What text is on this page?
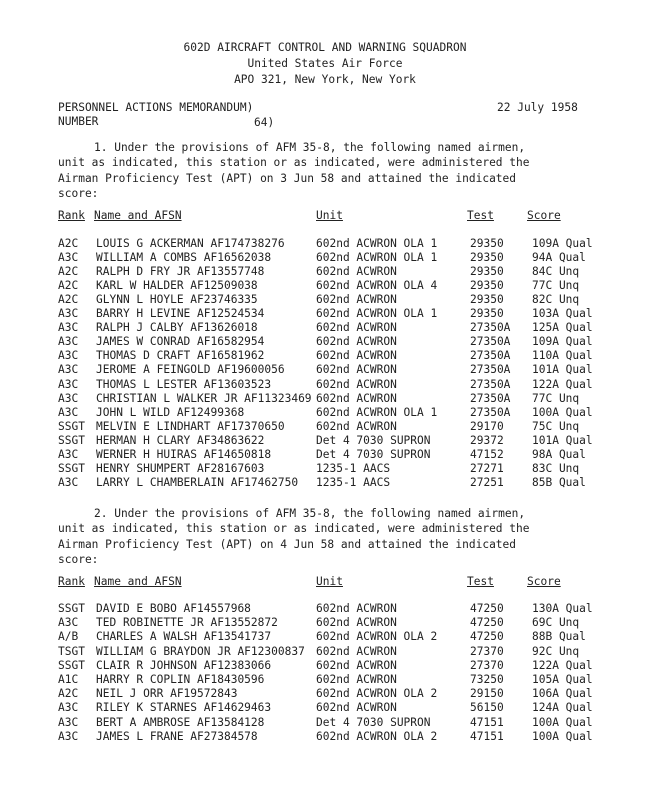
602D AIRCRAFT CONTROL AND WARNING SQUADRON
United States Air Force
APO 321, New York, New York
PERSONNEL ACTIONS MEMORANDUM)
NUMBER	64)
22 July 1958
1. Under the provisions of AFM 35-8, the following named airmen,
unit as indicated, this station or as indicated, were administered the
Airman Proficiency Test (APT) on 3 Jun 58 and attained the indicated
score:
Rank Name and AFSN	Unit	Test	Score
A2C LOUIS G ACKERMAN AF174738276	602nd ACWRON OLA 1	29350	109A Qual
A3C WILLIAM A COMBS AF16562038	602nd ACWRON OLA 1	29350	94A Qual
A2C RALPH D FRY JR AF13557748	602nd ACWRON	29350	84C Unq
A2C KARL W HALDER AF12509038	602nd ACWRON OLA 4	29350	77C Unq
A2C GLYNN L HOYLE AF23746335	602nd ACWRON	29350	82C Unq
A3C BARRY H LEVINE AF12524534	602nd ACWRON OLA 1	29350	103A Qual
A3C RALPH J CALBY AF13626018	602nd ACWRON	27350A 125A Qual
A3C JAMES W CONRAD AF16582954	602nd ACWRON	27350A 109A Qual
A3C THOMAS D CRAFT AF16581962	602nd ACWRON	27350A 110A Qual
A3C JEROME A FEINGOLD AF19600056	602nd ACWRON	27350A 101A Qual
A3C THOMAS L LESTER AF13603523	602nd ACWRON	27350A 122A Qual
A3C CHRISTIAN L WALKER JR AF11323469 602nd ACWRON	27350A 77C Unq
A3C JOHN L WILD AF12499368	602nd ACWRON OLA 1	27350A 100A Qual
SSGT MELVIN E LINDHART AF17370650	602nd ACWRON	29170	75C Unq
SSGT HERMAN H CLARY AF34863622	Det 4 7030 SUPRON	29372	101A Qual
A3C WERNER H HUIRAS AF14650818	Det 4 7030 SUPRON	47152	98A Qual
SSGT HENRY SHUMPERT AF28167603	1235-1 AACS	27271	83C Unq
A3C LARRY L CHAMBERLAIN AF17462750 1235-1 AACS	27251	85B Qual
2. Under the provisions of AFM 35-8, the following named airmen,
unit as indicated, this station or as indicated, were administered the
Airman Proficiency Test (APT) on 4 Jun 58 and attained the indicated
score:
Rank Name and AFSN	Unit	Test	Score
SSGT DAVID E BOBO AF14557968	602nd ACWRON	47250	130A Qual
A3C TED ROBINETTE JR AF13552872	602nd ACWRON	47250	69C Unq
A/B CHARLES A WALSH AF13541737	602nd ACWRON OLA 2	47250	88B Qual
TSGT WILLIAM G BRAYDON JR AF12300837 602nd ACWRON	27370	92C Unq
SSGT CLAIR R JOHNSON AF12383066	602nd ACWRON	27370	122A Qual
A1C HARRY R COPLIN AF18430596	602nd ACWRON	73250	105A Qual
A2C NEIL J ORR AF19572843	602nd ACWRON OLA 2	29150	106A Qual
A3C RILEY K STARNES AF14629463	602nd ACWRON	56150	124A Qual
A3C BERT A AMBROSE AF13584128	Det 4 7030 SUPRON	47151	100A Qual
A3C JAMES L FRANE AF27384578	602nd ACWRON OLA 2	47151	100A Qual
